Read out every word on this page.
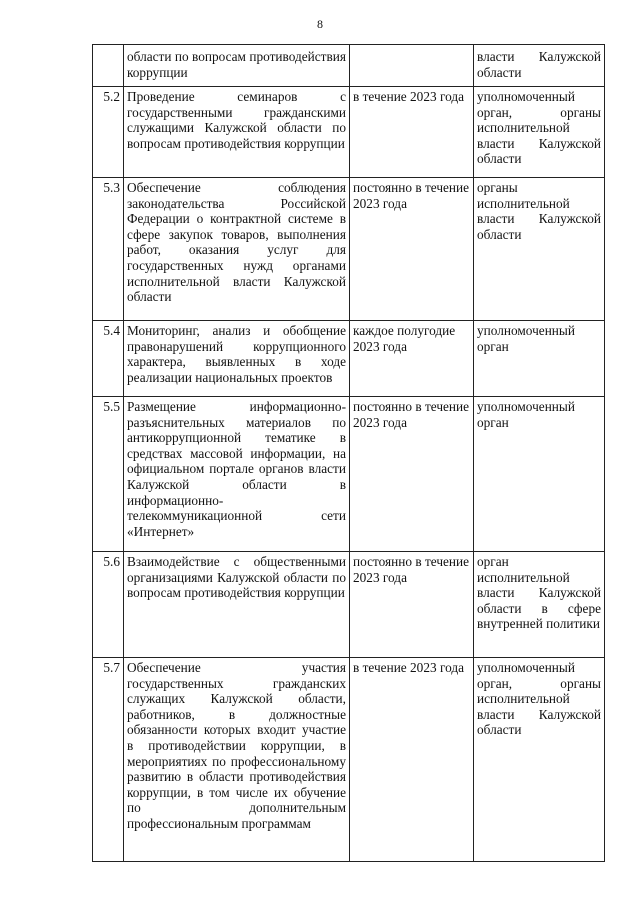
8
	области по вопросам противодействия коррупции		власти Калужской области
5.2	Проведение семинаров с государственными гражданскими служащими Калужской области по вопросам противодействия коррупции	в течение 2023 года	уполномоченный орган, органы исполнительной власти Калужской области
5.3	Обеспечение соблюдения законодательства Российской Федерации о контрактной системе в сфере закупок товаров, выполнения работ, оказания услуг для государственных нужд органами исполнительной власти Калужской области	постоянно в течение 2023 года	органы исполнительной власти Калужской области
5.4	Мониторинг, анализ и обобщение правонарушений коррупционного характера, выявленных в ходе реализации национальных проектов	каждое полугодие 2023 года	уполномоченный орган
5.5	Размещение информационно-разъяснительных материалов по антикоррупционной тематике в средствах массовой информации, на официальном портале органов власти Калужской области в информационно-телекоммуникационной сети «Интернет»	постоянно в течение 2023 года	уполномоченный орган
5.6	Взаимодействие с общественными организациями Калужской области по вопросам противодействия коррупции	постоянно в течение 2023 года	орган исполнительной власти Калужской области в сфере внутренней политики
5.7	Обеспечение участия государственных гражданских служащих Калужской области, работников, в должностные обязанности которых входит участие в противодействии коррупции, в мероприятиях по профессиональному развитию в области противодействия коррупции, в том числе их обучение по дополнительным профессиональным программам	в течение 2023 года	уполномоченный орган, органы исполнительной власти Калужской области
